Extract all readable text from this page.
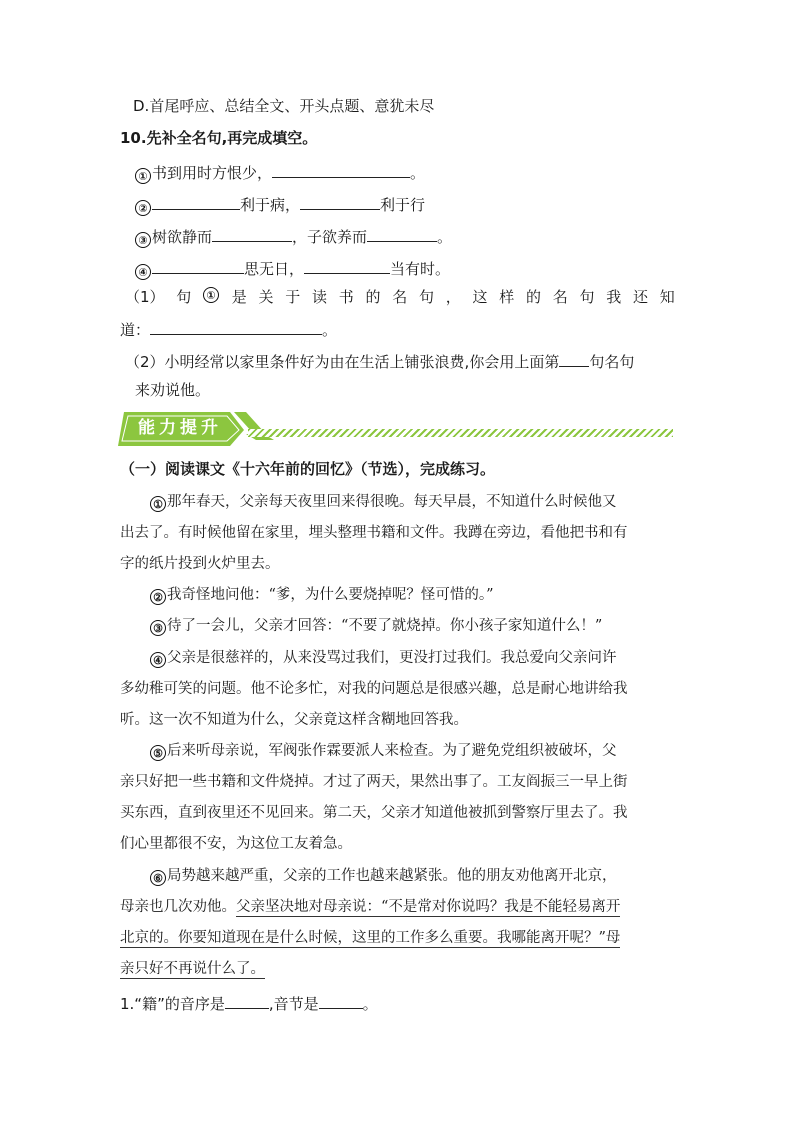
D.首尾呼应、总结全文、开头点题、意犹未尽
10.先补全名句,再完成填空。
① 书到用时方恨少，	。
②	利于病，	利于行
③ 树欲静而	，子欲养而	。
④	思无日，	当有时。
（1） 句	① 是 关 于 读 书 的 名 句 ， 这 样 的 名 句 我 还 知
道：	。
（2）小明经常以家里条件好为由在生活上铺张浪费,你会用上面第 句名句
来劝说他。
能力提升
（一）阅读课文《十六年前的回忆》（节选），完成练习。
① 那年春天，父亲每天夜里回来得很晚。每天早晨，不知道什么时候他又
出去了。有时候他留在家里，埋头整理书籍和文件。我蹲在旁边，看他把书和有
字的纸片投到火炉里去。
② 我奇怪地问他：“爹，为什么要烧掉呢？怪可惜的。”
③ 待了一会儿，父亲才回答：“不要了就烧掉。你小孩子家知道什么！”
④ 父亲是很慈祥的，从来没骂过我们，更没打过我们。我总爱向父亲问许
多幼稚可笑的问题。他不论多忙，对我的问题总是很感兴趣，总是耐心地讲给我
听。这一次不知道为什么，父亲竟这样含糊地回答我。
⑤ 后来听母亲说，军阀张作霖要派人来检查。为了避免党组织被破坏，父
亲只好把一些书籍和文件烧掉。才过了两天，果然出事了。工友阎振三一早上街
买东西，直到夜里还不见回来。第二天，父亲才知道他被抓到警察厅里去了。我
们心里都很不安，为这位工友着急。
⑥ 局势越来越严重，父亲的工作也越来越紧张。他的朋友劝他离开北京，
母亲也几次劝他。父亲坚决地对母亲说：“不是常对你说吗？我是不能轻易离开
北京的。你要知道现在是什么时候，这里的工作多么重要。我哪能离开呢？”母
亲只好不再说什么了。
1.“籍”的音序是	,音节是	。
